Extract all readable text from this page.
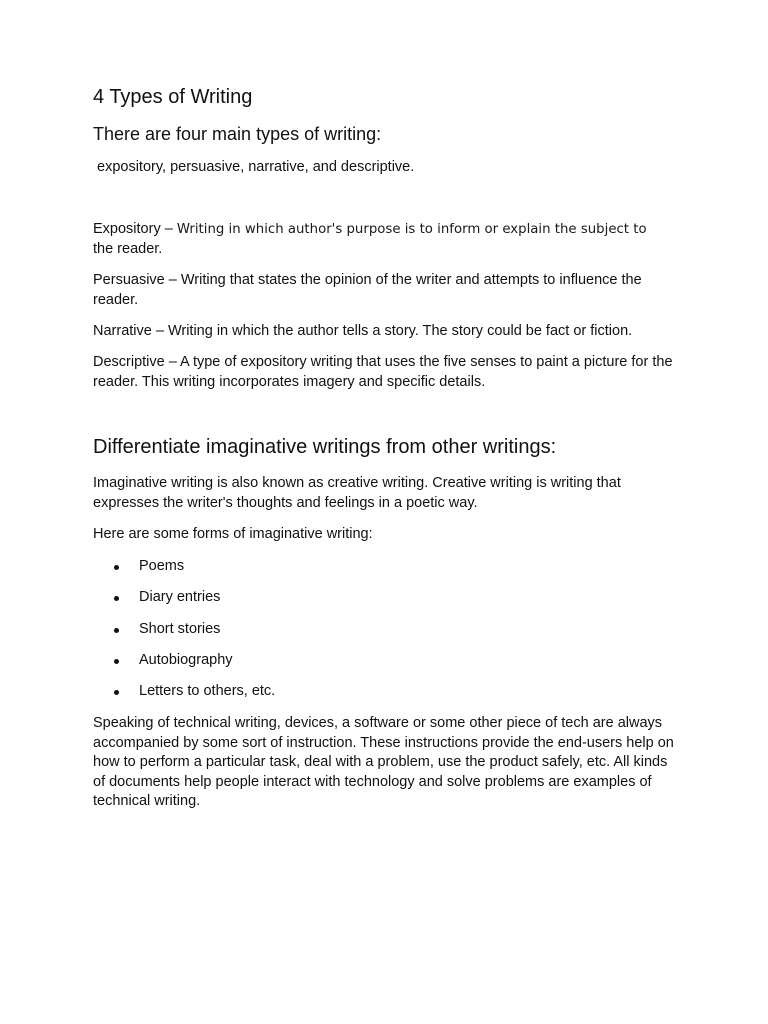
4 Types of Writing
There are four main types of writing:
expository, persuasive, narrative, and descriptive.
Expository – Writing in which author's purpose is to inform or explain the subject to
the reader.
Persuasive – Writing that states the opinion of the writer and attempts to influence the reader.
Narrative – Writing in which the author tells a story. The story could be fact or fiction.
Descriptive – A type of expository writing that uses the five senses to paint a picture for the reader. This writing incorporates imagery and specific details.
Differentiate imaginative writings from other writings:
Imaginative writing is also known as creative writing. Creative writing is writing that expresses the writer's thoughts and feelings in a poetic way.
Here are some forms of imaginative writing:
Poems
Diary entries
Short stories
Autobiography
Letters to others, etc.
Speaking of technical writing, devices, a software or some other piece of tech are always accompanied by some sort of instruction. These instructions provide the end-users help on how to perform a particular task, deal with a problem, use the product safely, etc. All kinds of documents help people interact with technology and solve problems are examples of technical writing.
